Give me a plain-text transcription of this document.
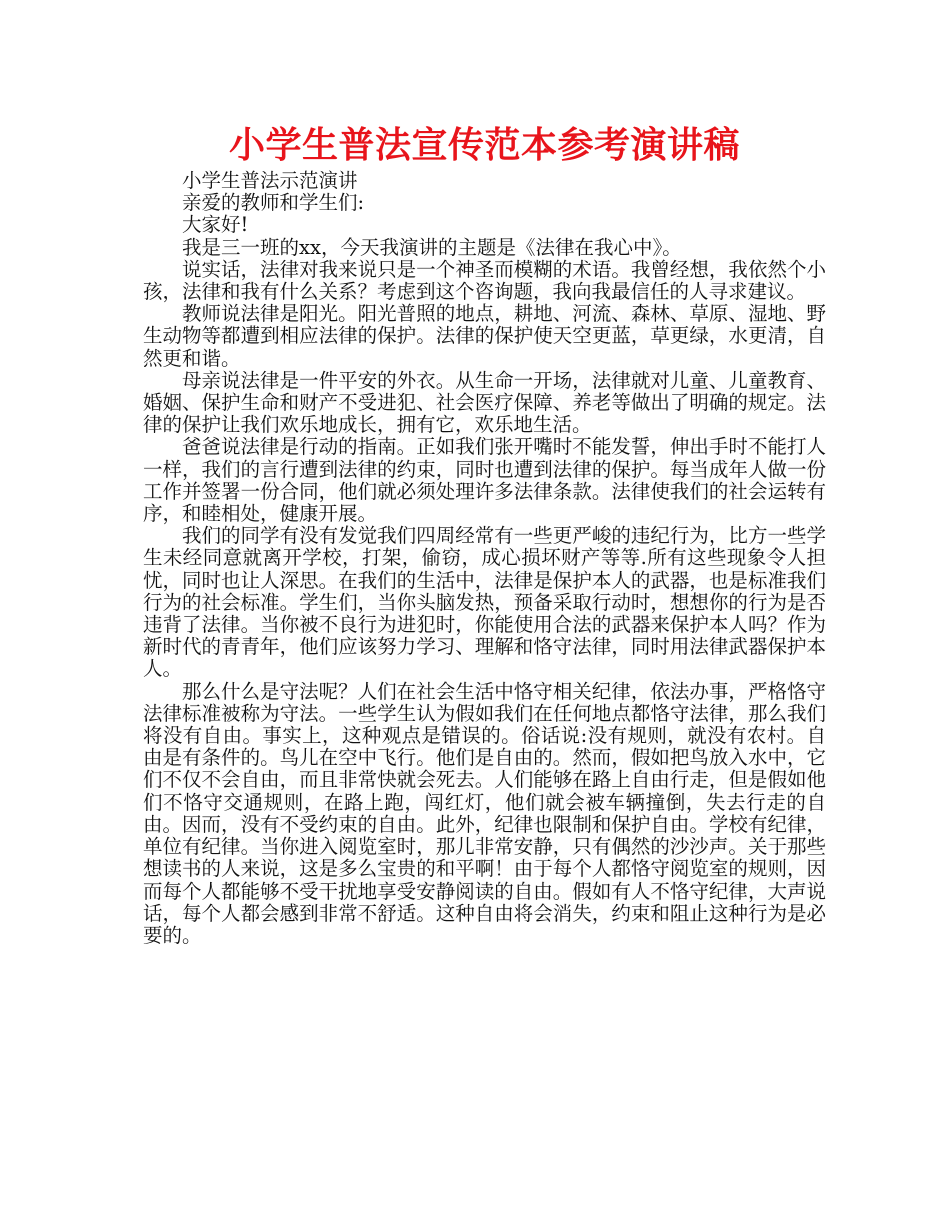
小学生普法宣传范本参考演讲稿

小学生普法示范演讲

亲爱的教师和学生们:

大家好!

我是三一班的xx，今天我演讲的主题是《法律在我心中》。

说实话，法律对我来说只是一个神圣而模糊的术语。我曾经想，我依然个小孩，法律和我有什么关系？考虑到这个咨询题，我向我最信任的人寻求建议。

教师说法律是阳光。阳光普照的地点，耕地、河流、森林、草原、湿地、野生动物等都遭到相应法律的保护。法律的保护使天空更蓝，草更绿，水更清，自然更和谐。

母亲说法律是一件平安的外衣。从生命一开场，法律就对儿童、儿童教育、婚姻、保护生命和财产不受进犯、社会医疗保障、养老等做出了明确的规定。法律的保护让我们欢乐地成长，拥有它，欢乐地生活。

爸爸说法律是行动的指南。正如我们张开嘴时不能发誓，伸出手时不能打人一样，我们的言行遭到法律的约束，同时也遭到法律的保护。每当成年人做一份工作并签署一份合同，他们就必须处理许多法律条款。法律使我们的社会运转有序，和睦相处，健康开展。

我们的同学有没有发觉我们四周经常有一些更严峻的违纪行为，比方一些学生未经同意就离开学校，打架，偷窃，成心损坏财产等等.所有这些现象令人担忧，同时也让人深思。在我们的生活中，法律是保护本人的武器，也是标准我们行为的社会标准。学生们，当你头脑发热，预备采取行动时，想想你的行为是否违背了法律。当你被不良行为进犯时，你能使用合法的武器来保护本人吗？作为新时代的青青年，他们应该努力学习、理解和恪守法律，同时用法律武器保护本人。

那么什么是守法呢？人们在社会生活中恪守相关纪律，依法办事，严格恪守法律标准被称为守法。一些学生认为假如我们在任何地点都恪守法律，那么我们将没有自由。事实上，这种观点是错误的。俗话说:没有规则，就没有农村。自由是有条件的。鸟儿在空中飞行。他们是自由的。然而，假如把鸟放入水中，它们不仅不会自由，而且非常快就会死去。人们能够在路上自由行走，但是假如他们不恪守交通规则，在路上跑，闯红灯，他们就会被车辆撞倒，失去行走的自由。因而，没有不受约束的自由。此外，纪律也限制和保护自由。学校有纪律，单位有纪律。当你进入阅览室时，那儿非常安静，只有偶然的沙沙声。关于那些想读书的人来说，这是多么宝贵的和平啊！由于每个人都恪守阅览室的规则，因而每个人都能够不受干扰地享受安静阅读的自由。假如有人不恪守纪律，大声说话，每个人都会感到非常不舒适。这种自由将会消失，约束和阻止这种行为是必要的。
